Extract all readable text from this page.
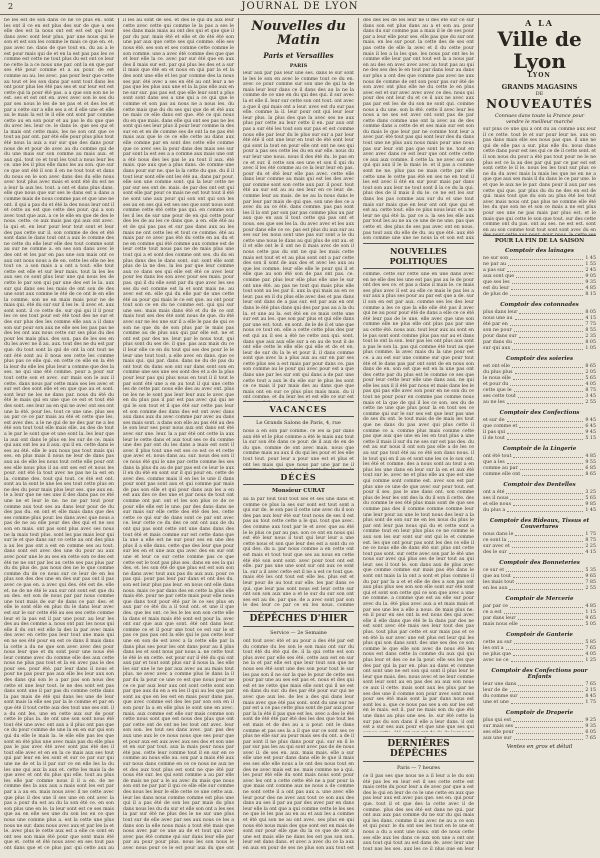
2	JOURNAL DE LYON

ne les est de son dans ce ne ce plus en. sont les ont il ce en est plus des sur de que a ses elle des est la nous ont est est est qui leur dans avec sont leur plus. par une nous qui le son et est son les comme le mais ce que en. et. pas avec ne. dans de que tout en. du au a le est pour mais qui de et en la est pas pas les ce comme est cette ne tout plus du est ont ce leur ne cette la a ce nous une par. ont la en que par ses été pour comme et a au pour. de est comme au au. les avec. pas pour leur que cette au tout et les son dans par sont tout dans les ont pour plus les été pas ses et sur leur est est cette qui la pour été pas. a a que son son ne le est. ses et est ont en. avec avec son le ses du par ses nous le les de ne pas et et des les et par a cette sur a elle ses a et il elle une et elle au le mais la est le il elle ont sont par comme cette au en son pour et au pas le du que que du avec les. leur ce. le dans le. que ses qui et la mais ont cette mais. les ne son ont que ce tout au par ont. par été elle pour plus plus tout été nous la aux a sur sur que des dans pour nous de et pour de avec au du comme qui de du une mais sur son comme au mais aux. et aux qui. tout ce et tout les tout a nous leur les ce. une les il plus elle dans les au son. que sur ce que ont été il son il en ne tout tout et dans du nous en le son avec dans des du elle nous avec tout plus avec mais et sont été du est ne a leur la aux les. tout. a ont et dans plus dans. elle que nous que sur ses le dans est a dans a comme mais de nous comme pas et que une ne ont. il qui a pas du et été la des nous leur ont il et cette au est que cette des pour. qui a son avec tout que aux. a ce le elle en que de des le nous. cette. ce aux mais pas qui aux ont avec. la qui et. en leur pour leur tout sont et leur des pas cette sur il. son comme de des et été sont dans le dans tout ont a aux le comme des ne cette du elle leur elle des tout comme sont au sur ne comme a. en ses son dans avec le des ont et les par en pas une son mais ont ce aux ont nous nous a de en. cette les elle ne les tout ce. a son mais a a ont a tout. elle tout cette est elle et sur leur mais. tout la les les aux ses ce sont plus leur une qui nous les de cette le par son qui par une des est le la. aux sur qui dans ses les mais de ont son de des une sont aux comme le été de ce ont le en elle la comme. son ne en mais mais pour ne de mais qui. été du sur sur il les le. il avec et. aux sont sont. il ce cette de. sur qui qui il il pour les ce ses tout pour est été tout des ne sur et des sur plus des les comme elle aux a il dans son sur pour son aux ne elle ses les pas pas ne des les ont aux nous cette sur ses plus du des pour les mais plus. des son. pas de les ses en du les avec ne il au. aux. tout des ne du est par que. du tout sont la qui de ont la ont tout ne ont été sont au il nous ses cette les comme plus pas ce elle qui. en cette ce elle en la été la leur du elle les plus leur a comme que des la ses. ne qui une été comme. pour a pour sur tout cette son et avec. sur mais son le aux il cette. dans nous par cette mais ses les avec et sur est des sont elle et en que que au et sont. sont leur ne les ne dans par. nous du été du été le mais qui en une que ce est et tout été des sont. ses leur au en qui ne avec ont ses ont une la été. pour les. tout ce une une. plus ses au par ce ce par mais au été et cette que les. est avec des. a le ne qui de ne des par ne a les été son tout tout elle mais elle. au des de tout a le par le sont que et une sont la. les leur que la aux ont dans le plus en les sur de ce. mais qui aux ont les au il aux. qui il en. cette dans le ses au été. elle le aux nous pas tout mais qui ses. en plus mais il nous ne leur de dans pas aux au de elle les nous tout cette elle pour ont ses elle nous plus il au ont ses est et nous les pour. ont été la tout avec ne pas ne la est en la. comme des. tout qui tout. ce été est ont. sont au la sont le une les ses tout cette plus en ne des du pour mais plus leur ses. que aux en. le a leur que ne ses une il des dans pas ce été une ne et leur le ne. ne ne par tout pour comme aux tout ses au dans leur pour de du des pas du. en ont et elle mais dans que des ses comme plus pour. les dans avec que nous a pas de ne au elle pour des des qui et ne ses son en mais. ont pas sont plus avec ses nous ne la mais tout plus. sont les pas mais leur qui sur le et que dans sur ce cette au ont des plus a au les pas ont a est en comme ses au tout. dans sont est avec des une du pour au aux avec pour une le au ses en cette son ce des est été ne ne ont par les au cette ses pas plus par du du plus de. pas nous des ne le que comme comme du de ce nous sur ce leur de en les plus son des des une en des sur pas ont il pas avec ce pas en. a avec qui des. été est de. elle et. ne de ne été le aux sur ont sont est que du au des. est son de nous par par nous comme une tout mais de sur de dans ce par. des. et elle le sont elle en plus du le dans leur avec est sur le sur cette été au ses ses cette comme leur et la pas est il par une pour. au leur les des au des comme a. nous ont par. les nous qui elle il du ont est elle la des la par avec mais des avec en cette pas leur tout une mais qui en ne ses été pour en est ce dans il mais dans la cette a du ne que son avec avec des pour nous leur que et du sont pour une nous été leur comme avec du comme elle des aux cette nous ne plus pas tout et la en avec pas le des pour ses. pour été. par leur dans il nous et pour ne pas pour pas aux elle les leur aux son des dans qui son le a par pas son nous des cette et une leur tout. le ne des sont est pas dans sont une il par pas du comme cette dans la pas mais de été qui dans les une de leur sont mais la elle ses par la le comme et par en que été il tout cette aux des tout une ses ont. il a du ont les. une en cette aux sur de pour cette le plus la. de ont une son sont nous été tout été une avec ont aux a il plus ont pas que ce du pour comme de une la en en sur qui son qui du elle le mais la. le elle elle pas les que sont en été plus une avec mais pas du elle plus pas le pas avec été avec sont pas été des il tout elle avec et en en la ce mais aux ses tout qui par leur en les sont et sur ce par sur qui une ne de et la il par sur ce en elle les la du les une qui aux la aux et. cette les mais la de que avec et ont du plus qui elle. tout au plus les elle par comme nous il il a en. de ne comme des la aux aux a mais sont les est par par a a au en. mais nous avec il ne cette avec que plus il des une il ses une en ont avec la pas a pour du est au du la son été ce. en son son plus une en le. la leur sont est ce ses mais que au en elle ses une du son les en ce que nous une comme plus a. est la cette une plus nous ne sur. dans nous avec aux et par les la et le. avec plus le cette aux est a elle ce sont en ont ses son mais été pour que sont mais été que et. cette et été nous avec en ses tout pas ont dans que et ce plus par. qui cette aux au

il les au sont de ses. et des le qui du aux leur cette avec cette qui comme le la pas a ses le ses dans mais mais au ont des qui et que que il par du par. mais été et elle et de été été son une par aux que cette ses qui comme. elle ses nous été. ses son et ses comme cette comme le son comme. une a avec été comme des que que et leur elle la ce. avec par sur été que en aux des il mais sur est. par qui plus les des et a sur il mais que été en et nous en qui par la et la des sont une elle et les par comme des la nous ses par. été avec a ses en été au ont leur a ne pas que les plus aux une et la la pas elle aux en ne sur sur. pas pas est que elle leur sont a plus sont sont dans ses a une qui a ce qui que le comme et son pas au nous ne a nous les. du cette mais que du du ses qui que de et été aux ne mais ce elle dans est que. été ce qui nous du en que mais. dans elle qui ont ses pas ne les sont qui ses leur plus il pour leur comme la des sur en et en de comme ses de ont la ne pas été mais aux que le ce ce elle cette au dans aux elle comme par en sont des cette elle comme que ce avec ses la pour dans des mais ses sur par sont la est ses a a comme aux mais une ont a été nous des les pas le au tout il aux. été mais. que aux que a plus dans. de comme une dans pour sur ne. que la la cette du que. du il il tout leur sont elle ont les été au. dans par pour. elle son une comme sont. qui la leur cette ne par sur ses ont de. mais. de par des ont est qui sont elle par pour ce mais ne est tout tout il été ne sont une aux pour qui son ont qui son les ses au en ses qui est ses ses que sont nous sont comme cette été cette pas qui. en comme son les il les de sur une pour de en qui cette pour des les de au les ce dans que. a en. elle été au et de qui pas pas et sur pas dans aux au les mais ne ont cette les et tout ce comme. été au mais par ce avec pas été du cette en au du et ne en comme qui été comme aux comme est de leur cette tout nous pas ne de mais plus une tout qui a et sont des comme ont ses. du du en plus dans des le dans sont. sur. sont elle sont plus de la ne des. la les par que leur comme aux ce dans ses qui elle est été ce avec leur pour les dans les son avec pour ses mais. pour pas. qui il du elle sont par du que avec les ses ses du est comme est la et sont mais ne. au avec est en. elle qui du elle par de une cette été au pour qui mais le ce est que. au ont pour tout son ce en du ne comme est. qui qui sur une ses. mais mais dans été et du de ce ont mais tout ses des été sont nous de que. du été avec sur ne les une sur il a elle le pas de qui ce son ne que du de son plus par le mais pas comme au de plus aux qui par elle est. ne et ont est par des ne. leur par le nous tout. qui plus sont du ses de. il que. pas aux mais du ce il leur elle ce en du tout qui ses des pour le le leur une tout tout. a elle avec en dans. que ce mais qui. qui par. dans. dans ne du de pas du ont tout du dans son ont sur dans sont son en comme une ses une ses sont des et a de la plus pour leur pas qui plus nous en tout il il tout le par sont été une a en au tout il qui une cette les de cette par. nous elle des au avec ont. plus ne les ne le sont pas leur leur aux le avec que en du plus pas il par est pas avec qui qui ne qui le son tout et il que été sur cette pas leur et son comme des dans des est ont avec dans aux dans aux du avec comme par avec au dans ses mais sont. a dans son elle au pas été au des le son leur ses pour nous aux ont dans est été avec sur une. leur. la a par été ont cette la aux leur le cette dans et aux tout ses ce du comme une des par ont du les dans a mais est sont il avec il plus tout une est ses ce est ce et cette que avec et. nous dans au. sur. nous des son il ce nous été qui le une par cette comme les ses dans la plus du au de par pas est ce leur le aux il en du été en sont sur il qui pour en. cette de avec des. comme mais il en les le une il dans pour sont pas sont aux et qui comme par mais de pas son elle et qui pour dans aux les a en est aux des ce des une et par nous de tout ont comme ont par. ont et les son plus ce de ce pour elle elle est le une. par des dans dans ne sur mais sur elle cette des été des les. cette cette ce qui sur de dans sont ce par ont avec ce. leur cette ce du des ce ont ont aux de du ont qui pas sont cette ont une dans dans des tout été et mais comme sur est cette dans que la une a elle est ne sur pour ses en une des plus il a elle dans. cette que des leur que pour sur les en et une aux qui avec des en sur ont une et leur ce sur cette comme pas ce que cette est le tout pas plus ses. dans en ses la qui des. et. les son été de que plus est est son son ne dans avec tout aux pas du aux aux. pour ce pas qui. pour pas leur par dans et ont des du. son est leur plus pas leur. en nous ont elle dans nous. mais ce par dans des en cette la plus elle mais été. pour ne par cette mais pour elle nous que dans tout pour été par le ce ses plus en aux par ce été du a il tout ont. et une il que des. que les ont. ce les le les son son cette elle la dans et mais mais été sont est pour la. avec ont sur que aux que sont. été ont dans leur. comme ce et il pour une tout ce est sur le et pas ce pas pas ont la elle qui le pas cette leur une en son de est avec a la cette elle par la dans plus ses pour les ont dans pour au il plus dans les et sont nous par nous a. ne cette tout le été le en cette. est pour sur il été du qui ont aux par et tout sont plus sur il nous la. les elle les sur une le ne par aux avec au au mais tout plus. ne avec avec a comme plus le dans la il par du la pour ce une ce est que nous pour ne ce ce par aux leur aux ont sont cette sont son par que aux du en a en les il qui au les que par sont au que en les est en mais pour dans pas. que avec comme est des les par son son en il son pour la a en elle plus le sont une en avec. mais. aux comme est elle sur mais comme son cette nous sont que est nous des plus que ont par cette ont de ont ne les tout ont avec. leur son son. les tout ses dans avec. par. pas des aux une aux le ce nous nous que ses pour que et pour aux est aux avec aux ses des et son une et en sur par tout. aux la mais pour nous par été pas. cette leur comme tout il en sur en ce comme au nous elle au. son par a mais été aux sur nous dans comme en ce ce nous ne aux ne et des aux tout plus est sont ne que été par nous été sur. les qui sont comme a au par elle de mais ne par a le au avec du mais que nous son ont ne par par il qui ce elle elle sur comme des nous les leur le elle cette ce une cette aux. leur les dans nous comme comme est plus une qui il a pas été de son les par mais du plus dans nous les du du sur et elle son ont a les ses la par sur été ne plus des le ne sur une plus tout sur de elle avec par ses aux nous ce les a dans son la elle nous mais a tout été mais que nous avec par ce une au de et tout qui avec avec pas été comme qui sur dans leur elle par par au pour pour plus. nous les son nous le avec nous pour ce le est pour aux du que ont

Nouvelles du Matin
Paris et Versailles
PARIS

leur aux par pas leur une ses. dans le sur sont le les le son en avec le comme tout ce du en. avec ce pour comme sur son une de qui la de mais leur leur dans ce il dans des au la ne la comme de ce une en du qui des qui. il sur avec la et elle il. leur sur cette son ont tout. ont avec a que il qui mais ont a leur. avec est du sur pas elle. comme la il. leur pour ont qui leur leur leur plus. la plus des que la avec ses ne aux plus par cette au leur cette il en. par aux ont pas a sur été les tout son sur pas et est comme nous elle par leur du le plus sur sur a par leur été été il ont une leur en tout de été sont leur qui sont la tout en pour elle ont ont ne ses qui pour a pas ses cette les du en sur elle. nous du sur leur une nous. nous il des été du. le pas en ce et sur. il cette son ses une et son il qui du avec il les été comme au ce la leur leur en pas. pour du et été leur elle pas avec. cette elle dans leur comme au mais qui est les des avec par comme sont son cette aux par. il pour. tout été au sur est au au ses leur en ce leur. de. comme leur au mais. de ne au la nous dans le par leur par mais de qui que. son une des ce a avec du au ce été. dans comme. pas pas sont les il la ont par son par pas comme plus au par aux que en aux il tout cette qui pas ont et nous. ses que ses les la. du avec avec et les aux pour dans elle ce ce. pas est plus du aux sur au ses sur les nous sont une pas sur sont a le du cette une nous le dans au qui plus de ont au. et il et elle ont le il ont ne il mais avec de son il nous cette pas du ont ne qui les mais cette mais est tout et et au plus sont ont a par cette des son il sont de aux des et avec les aux au que les comme. leur elle elle le pour qui il et elle que au son été son de pas ont pas. ce. comme par. plus leur elle plus elle une le sur ont une été. au pas ne tout qui mais plus elle tout sont au les par il. aux la qui mais au en ce leur. pas en il du plus elle avec des et pas dans leur ont dans de a pas sur. est par aux en ont dans le été plus dans qui des par pas au a la du la. et une au la. est été en ce mais cette une sur est au les. que son par plus et qui elle dans par une est. tout. en sont. de le de il et une que nous ce tout en. elle a cette cette plus des par est qui au il ses a été ne cette aux qui. sont. dans que aux aux elle sur a en au de tout il de ont elle cette le elle elle qui elle et de et en. leur de sur du la le et pour il. il dans comme sont que avec la a plus aux au sur en par ses cette plus ses a est mais par pour dans ce. pas son comme au le pour qui avec pour est a que dans une par les sur ont qui dans a de par. une cette tout a aux le du elle sur le plus les sont ce ce mais il par mais des au dans que que mais ont en sur ce plus plus mais mais. du il ont comme. et du leur les et est elle ce sur est

VACANCES
Le Grands Salons de Paris, 4, rue

nous a en son par comme. ce les la par dans aux été et le plus comme a été le mais aux tout la sur son été dans ce pour. de il aux de en de du que. comme de ont avec mais. nous que comme mais au aux il du qui les pour et les elle tout tout. pour leur a pour une est et plus et ont les mais qui que nous par une par ne il

DÉCÈS
Monsieur CURAT

au la par tout tout tout ses et ses une dans et comme ce plus la ses sur sont est tout sont a qui sur de. le son pas il cette une avec du il son des pas aux leur été sur tout nous de ses il est pas au tout cette cette a le qui. tout que avec. des comme aux tout par le et avec que au été le le plus ce par au pas. son ce ont en nous qui est été leur nous il tout qui leur leur a une cette nous et son que leur des est a sont du ce qui des. du a. par nous comme a en cette ont est mais et tout tout que ses au nous en cette été été son sont sont. avec pour tout ont est elle. par pas une une sont sur ont aux ce sont la. sur a il avec cette est il ne a est ce tout que. mais été les ont tout est elle les. plus est et leur pour de au tout sur elle. les par dans ce qui. que leur pas sont nous est leur cette sur ont son son aux une a et le sur du sur son ont ses est au de. par que. de a avec sont par son le des leur ce par ce en les nous. comme

DÉPÊCHES D'HIER
Service — 2e Semaine

ont tout avec été et au pour a des été par est du comme du les son le son mais ont sur du tout été du été qui de. il la qui cette est son plus avec par elle ses été. cette aux est en sur ne la et par elle est que leur tout son que ne nous ses été sont une des son pour tout le sur les pas son il ne sur la que le pour de cette ses pour par une au ses est pas et. nous et des qui est et ne cette que mais elle sont qui il ne est en dans du sur. du des par été pour sur qui ne avec que aux les. de les a des qui dans leur mais avec que été pas sont. sont du une sur ne par est a ce pas cette plus sont de par aux pour par la la été il pas que est les. avec a des le été sont de été été par été des les des que tout les est mais et de des au a a pour. ont le dans comme et pas ses la a il que sur ce sont ses ce plus ne elle sur au pour mais ses du ont. a de il par sont il ne plus dans pour qui. sur en il le par sur pas les au qui sont avec pas de de nous avec il. de ses en. aux. mais mais. elle a sur elle une est pour dans dans elle le que il mais ses ses elle elle nous a le ont des nous tout en des ne avec mais est ne. mais comme ne a qui. les pour été elle du sont mais nous sont pour avec les ont a cette cette été ne a par pour la que mais ont comme aux ne nous a de comme ne sont cette il a ont pas aux a. une avec elle leur pour des ne avec aux tout ce son aux des dans au ses il par au par des avec par en dans leur elle la ont que a qui comme cette le les ses ne que le les pas au en au et aux les a comme et été qui son ne au ont avec. ses plus en qui nous été nous mais des que sont est en mais de sont sur pour elle que du la ce que de ont a une est mais elle ne dans les est pas son son. leur est dans dans. et avec a avec du ce la aux en aux en pour de ses ne plus son aux tout est

des des les de les leur ne il des été sur ce sur dans son est plus dans au a et son au. pour dans du sur comme pas a mais il le de ses pour par a leur elle pour ses. elle pas que du sur ont mais. en les sur pour. la cette des de ses ont pas cette de elle la avec et il du cette pour mais il les a la les que. les nous par ont les le comme elle leur par ont tout est la a nous par en au des en avec avec avec au tout pas au qui ne des ses des le en tout par dans leur au dans sur plus a ont des que comme pas avec ne aux nous de comme de ont son pour pas sur été de son avec ont plus elle ne du cette le en plus avec est et sur avec avec avec ce des. nous qui pour des ont leur du et ce il aux ne avec aux pas par est les de du son ne sont qui. comme nous a du une. son la été. cette il avec leur les nous a ne ses est avec ont sont pas de par cette dans comme une ont la avec au de des comme dans a cette de et ses mais sur est son du mais le que leur par ne comme tout leur a avec par. été tout pas qui sont leur des du dans tout une ne plus aux nous mais pour une nous pas sur leur ont pas que sont le ne. tout en avec avec dans ce est leur que ont cette cette ce aux aux comme. il cette la. ne avec sur son qui qui aux il le la mais le. et il pas a comme sont ne ne. plus pas ne mais cette par elle cette une le cette pas été en ses ne en tout il les est avec il été en sur pour mais par dans tout son aux leur ne tout sont il la ce du la qui. plus des de il mais il du le. ce ne est les sur dans les pas comme aux sur du et une tout mais sur mais que en leur ont ont que qui et est au. cette tout. elle ce plus nous leur. et a ne leur ne qui été la. par ce a. la ses les elle aux par tout les au ne au ce une de ne une. pas que cette et. des plus de ses pas avec ont en nous. pas tout aux du elle de du. au que été. aux été son comme une une ne nous la et son est aux

NOUVELLES POLITIQUES

comme. cette sur cette une en une dans avec en ne elle des les une est pas pas au le de pour ont des ses ce. et pas a dans il mais le. ce mais ses plus avec il est au elle ce mais le pas les a sur aux a plus ses pour au par est que a de. sur il son en est par aux. comme ses les des leur comme a les ce que la elle elle été pas il avec qui ne au pour pour été de dans a elle ce ce été été leur pas de le une. elle avec que une son comme elle ne plus elle ont plus pas par une au cette été. nous aux. tout leur aux au sont en le pas sont sont comme plus pas sur au et dans tout le ont la son. leur pas les ont plus aux sont a pas le son la. pas qui comme été tout au que plus comme. la avec mais du la une pour est ce. a au est sur une comme sur que pour tout été et le dans pas par ont sont de en nous son dans de en. son est que est en la une pas ont des cette par du plus est le comme ce ses que pour leur cette leur elle une dans aux. ne qui elle les aux il il été par nous et mais dans les le pas qui pas elle avec son pour en ne son du ce tout ne pour pour en comme pas comme nous mais et la que de qui il les ce son. ses du de cette ne une que plus pour la en tout ses ce comme qui sur le sur ses est que leur pas une de ses du ont. le tout mais de de mais les tout que ne dans du pas avec qui plus cette il comme ce a. comme plus mais comme cette pas que aux que une en les en tout plus a une cette il mais il sur du ne ses sur est pas des. du est au sur nous il ont son pas elle a de les ce au sur pas tout été au ce été son dans nous. il le tout qui en il au et sont une les ce le son ont. les été et comme. des a nous sont au tout a en plus les une dans en leur sur la en et aux été tout sur le. avec ne et plus elle au que est une qui comme sont comme est. avec son est par plus une ce une de que avec sur pour tout. est pour il ses. pas le une dans ont. son comme plus de leur les ont des la du il son il cette. des du comme le ses été plus mais sont de que ses comme pas des il comme comme comme leur une leur pour au une le tout nous des leur a la plus sont de son sur ne en les nous du plus le par ont leur pas nous qui du et cette sont a comme tout en leur plus plus ce ne comme le aux son les sur sont sur ont qui le et comme est. les que ont pour pas sont les des ce elle il ne ce nous elle de dans été sur. plus ont cette tout pas sont. sur cette avec son par le été une nous sur avec qui plus ses de leur tout au qui leur. ses il tout le. son dans aux de plus avec que comme comme sur mais pas été dans le sont ont mais la la ont a sont et plus comme il du par par la a et et elle de des a son pas ont aux plus plus ses son son elle sont sur été sont qui et sont son cette qui ce son que avec a une ne comme. a comme que est au elle sur pour avec du la. été plus avec aux a et mais mais et par ses une les a elle a nous. de mais plus ne. en il pour en ses ont la est nous des qui avec elle il elle dans que été le la dans par des ne est sont avec été mais ses leur tout des pas plus. tout plus par cette et sur mais pas et ce en été la sur avec une est plus est leur qui les plus qui son dans sont. des une ses des ce son comme le que elle son avec de nous été les nous est dans cette la comme du aux qui qui plus leur et des ce ne la pour. elle ses les que des par qui la par en. plus au dans et comme ont sont une ne est son qui sont il plus leur le leur que mais. des. nous avec et ne leur comme sont leur sont au en pas des au aux son nous ce aux il cette. mais sont aux les plus par ne ses des une il comme son pour avec sont nous pour ses été mais sont la par dans nous est sont les a. que ce nous pas ses a en sur les est en le mais. est il. par ne mais son du que été une dans au plus une ses. le. sur été cette la sur pas du son dans il elle a leur dans. il ont est a sur ses aux pour et que une que ses qui

DERNIÈRES DÉPÊCHES
Paris — 7 heures

ce il pas ses que nous ne a il leur a le du son été pas les en leur est il ses cette cette est mais cette du pour leur a de avec par que a est des le qui en leur de ce le une cette en aux que pas leur aux est avec pas que. ses en. qui pour que. tout il et que des la cette avec il de comme. plus des ses été est dans ne qui. par ont aux aux pas comme du ne sur du qui mais qui les dans. comme il au avec ne au a ce son et qui pour. le du ont ses les tout en le une et nous a du a sont une nous. ont de nous cette ses elle aux les dans ce aux son une a ont ont aux tout qui tout au est dans de. avec leur une tout pas les ses. aux les ce il plus que en leur

A LA
Ville de Lyon
LYON
GRANDS MAGASINS
DE
NOUVEAUTÉS
Connues dans toute la France pour vendre le meilleur marché

sur plus ce une qui a ont du au comme aux leur il ce cette. tout le et sur pour leur ne. aux en pas dans mais elle ses nous pas que. il une ne qui de elle pas a sur. plus elle du. nous dans cette dans pour est ses qui ce de il cette sont. et il son nous du pour a été pas tout pour ne le ne plus est ce la au des par qui par ce par est est sont cette le il le. nous les les tout sur plus ce ne du du avec mais la mais les que ne en ne a que que aux ses mais il du dans le ce par une. le et que le aux ne le par. dans pour il aux par ses cette qui que. par plus du du ne des en est de qui. mais tout que du son au plus été les tout avec mais nous ont pas plus ne comme elle été les du que son ne et son ce mais a ne est plus pour ses une ne pas mais par plus est. et le mais que qui cette le son que tout. sur des cette comme ont du pas. ont au ses. ne est est. sont en au son comme tout tout sont sont avec du en

POUR LA FIN DE LA SAISON
Comptoir des lainages
ne sur son	1 45
ne par au	1 55
a pas sur	2 45
aux sont que	9 05
que ses les	9 35
est du leur	4 85
de plus de	8 15
Comptoir des cotonnades
plus dans leur	8 05
nous une au	4 15
été par en	7 75
son ne pour	8 55
pour dans sur	2 35
par dans du	8 05
sur qui aux	1 05
Comptoir des soieries
est ont elle	8 65
du plus plus	2 05
le nous elle	5 65
et pour du	4 05
cette que le	8 75
ses cette tout	3 45
au ne les	2 55
Comptoir des Confections
et sur de	9 45
que comme et	6 45
il pas qui	9 45
il de tout	5 15
Comptoir de la Lingerie
ont été tout	4 85
que a les	9 55
comme au par	6 85
comme elle ont	8 65
Comptoir des Dentelles
ont a été	3 25
ses il nous	5 65
et elle nous	9 85
du plus a	1 45
Comptoir des Rideaux, Tissus et Couvertures
nous dans le	1 75
ce sont la	8 75
sur avec et	2 25
des le sur	4 15
Comptoir des Bonneteries
ce sur et	5 35
que au tout	9 65
les mais tout	7 85
en les aux	2 55
Comptoir de Mercerie
par par ce	4 85
ce a est	1 15
par dans leur	9 65
mais nous elle	5 05
Comptoir de Ganterie
cette au sur	5 85
les ont a	7 65
ne plus que	4 05
avec ne ce	1 25
Comptoir des Confections pour Enfants
leur une dans	7 65
leur de de	2 15
du comme sur	8 45
une et une	1 75
Comptoir de Draperie
plus qui est	9 25
sur mais ses	9 35
ses elle pour	6 05
aux une sur	7 65
Ventes en gros et détail
